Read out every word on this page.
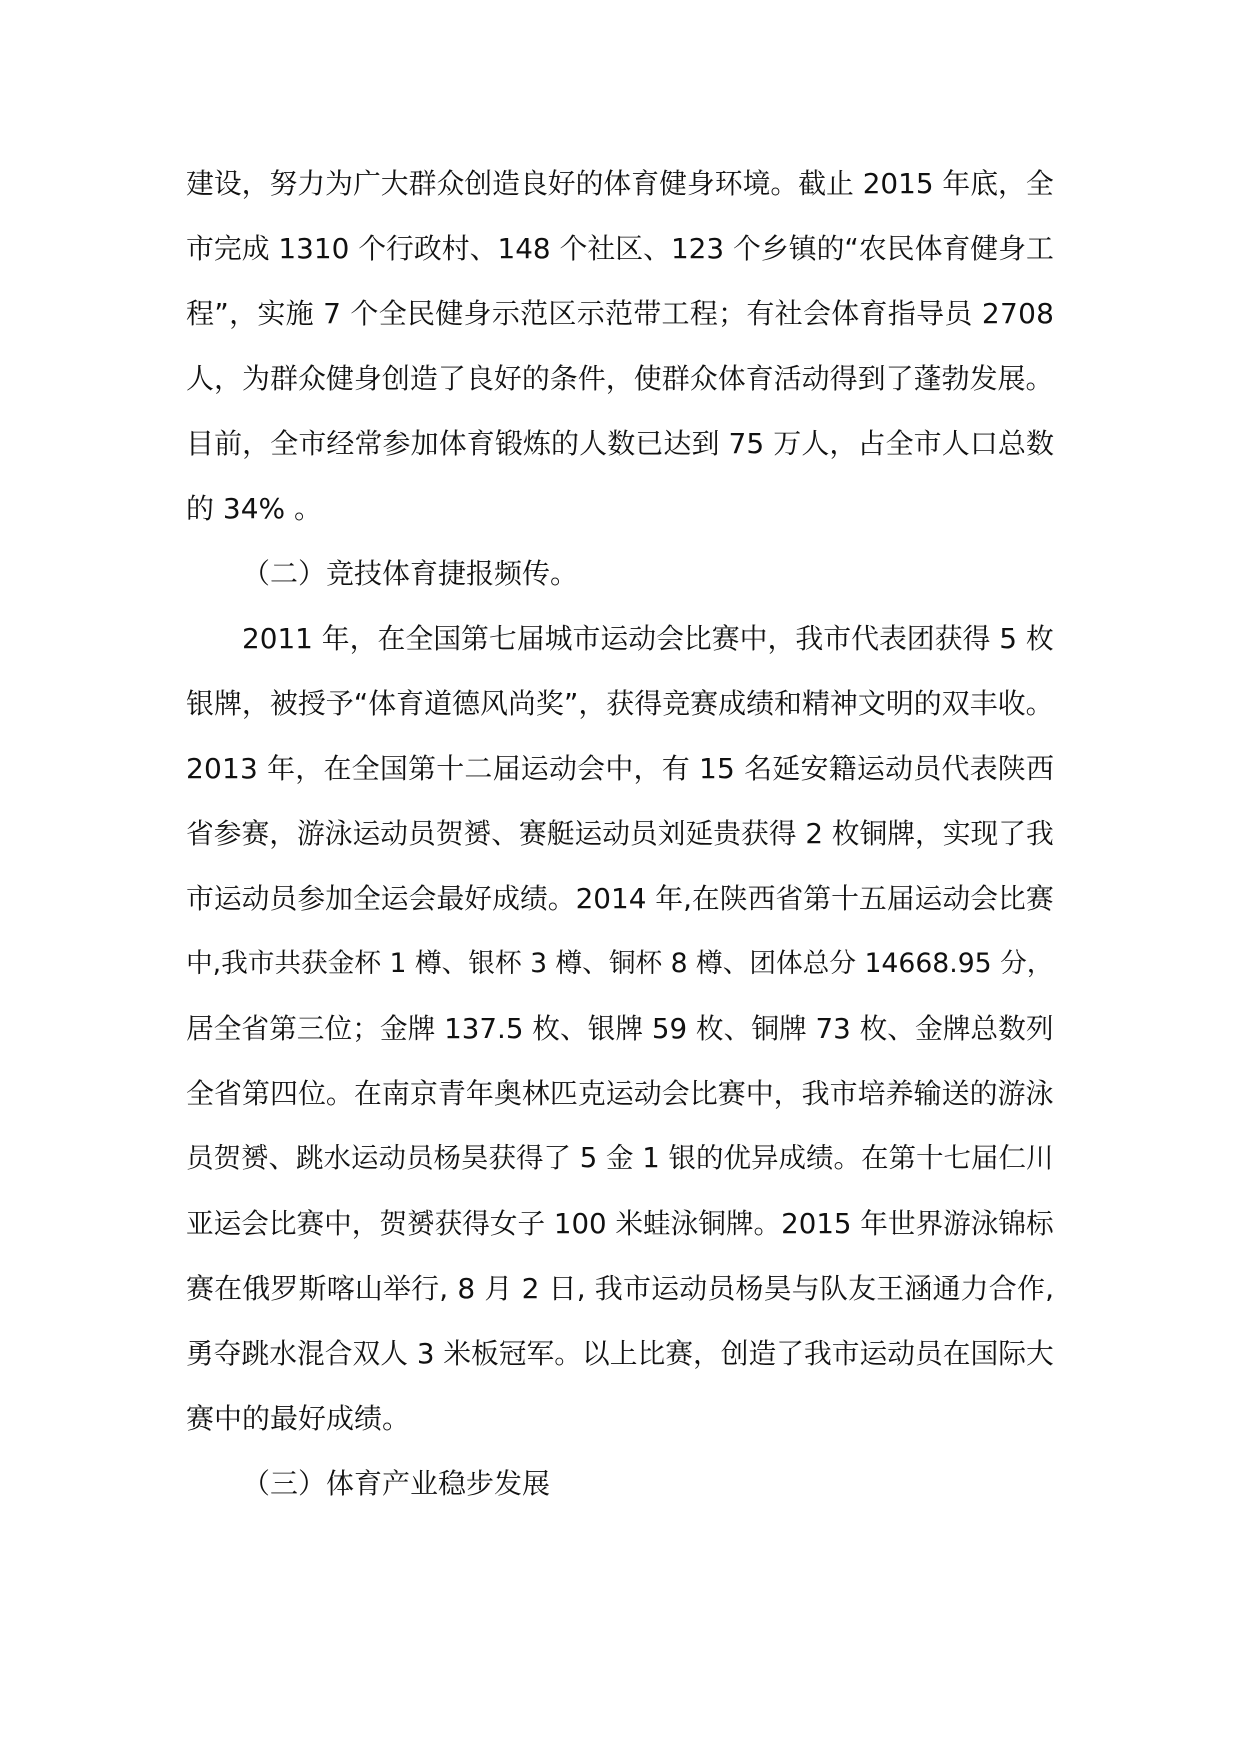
建设，努力为广大群众创造良好的体育健身环境。截止 2015 年底，全
市完成 1310 个行政村、148 个社区、123 个乡镇的“农民体育健身工
程”，实施 7 个全民健身示范区示范带工程；有社会体育指导员 2708
人，为群众健身创造了良好的条件，使群众体育活动得到了蓬勃发展。
目前，全市经常参加体育锻炼的人数已达到 75 万人，占全市人口总数
的 34% 。
（二）竞技体育捷报频传。
2011 年，在全国第七届城市运动会比赛中，我市代表团获得 5 枚
银牌，被授予“体育道德风尚奖”，获得竞赛成绩和精神文明的双丰收。
2013 年，在全国第十二届运动会中，有 15 名延安籍运动员代表陕西
省参赛，游泳运动员贺赟、赛艇运动员刘延贵获得 2 枚铜牌，实现了我
市运动员参加全运会最好成绩。2014 年,在陕西省第十五届运动会比赛
中,我市共获金杯 1 樽、银杯 3 樽、铜杯 8 樽、团体总分 14668.95 分，
居全省第三位；金牌 137.5 枚、银牌 59 枚、铜牌 73 枚、金牌总数列
全省第四位。在南京青年奥林匹克运动会比赛中，我市培养输送的游泳
员贺赟、跳水运动员杨昊获得了 5 金 1 银的优异成绩。在第十七届仁川
亚运会比赛中，贺赟获得女子 100 米蛙泳铜牌。2015 年世界游泳锦标
赛在俄罗斯喀山举行, 8 月 2 日, 我市运动员杨昊与队友王涵通力合作,
勇夺跳水混合双人 3 米板冠军。以上比赛，创造了我市运动员在国际大
赛中的最好成绩。
（三）体育产业稳步发展
